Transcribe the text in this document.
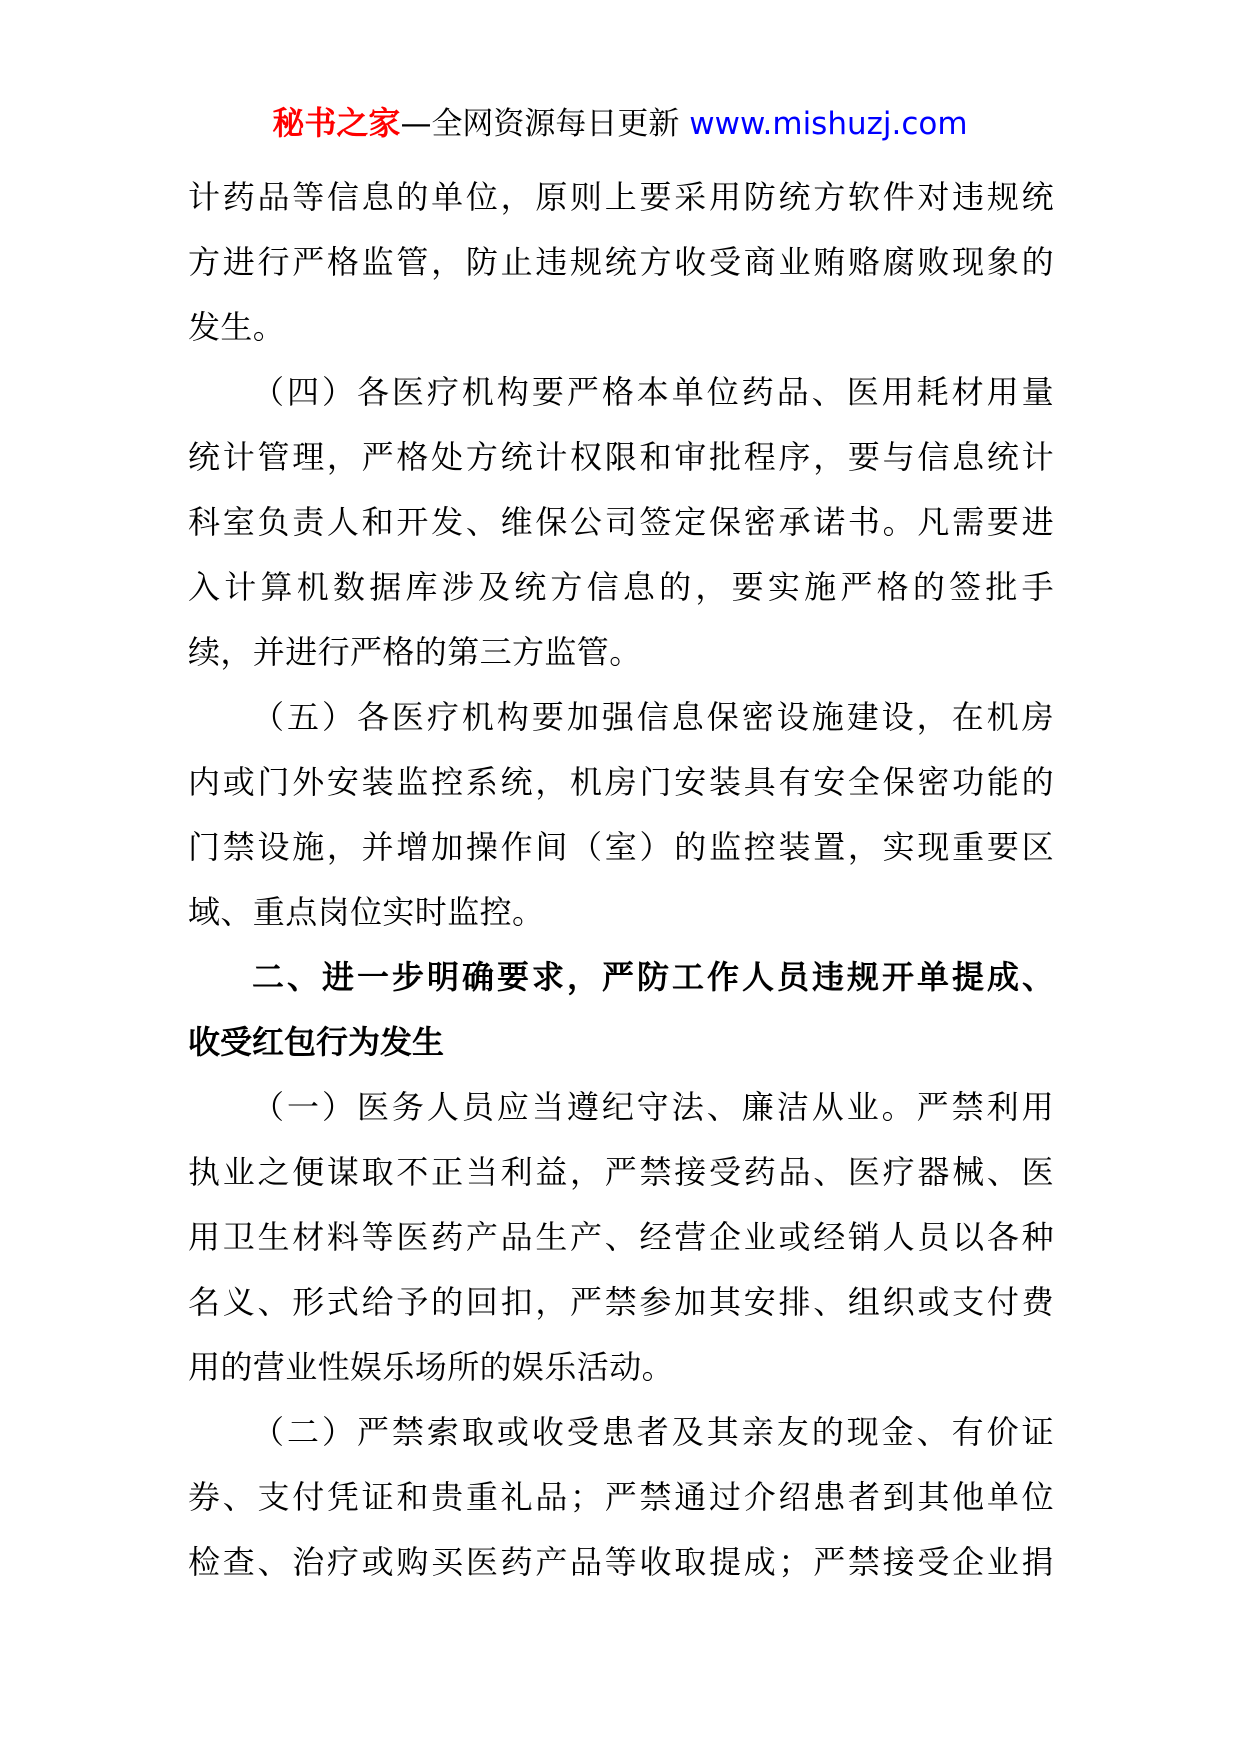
秘书之家—全网资源每日更新 www.mishuzj.com
计药品等信息的单位，原则上要采用防统方软件对违规统
方进行严格监管，防止违规统方收受商业贿赂腐败现象的
发生。
（四）各医疗机构要严格本单位药品、医用耗材用量
统计管理，严格处方统计权限和审批程序，要与信息统计
科室负责人和开发、维保公司签定保密承诺书。凡需要进
入计算机数据库涉及统方信息的，要实施严格的签批手
续，并进行严格的第三方监管。
（五）各医疗机构要加强信息保密设施建设，在机房
内或门外安装监控系统，机房门安装具有安全保密功能的
门禁设施，并增加操作间（室）的监控装置，实现重要区
域、重点岗位实时监控。
二、进一步明确要求，严防工作人员违规开单提成、
收受红包行为发生
（一）医务人员应当遵纪守法、廉洁从业。严禁利用
执业之便谋取不正当利益，严禁接受药品、医疗器械、医
用卫生材料等医药产品生产、经营企业或经销人员以各种
名义、形式给予的回扣，严禁参加其安排、组织或支付费
用的营业性娱乐场所的娱乐活动。
（二）严禁索取或收受患者及其亲友的现金、有价证
券、支付凭证和贵重礼品；严禁通过介绍患者到其他单位
检查、治疗或购买医药产品等收取提成；严禁接受企业捐
